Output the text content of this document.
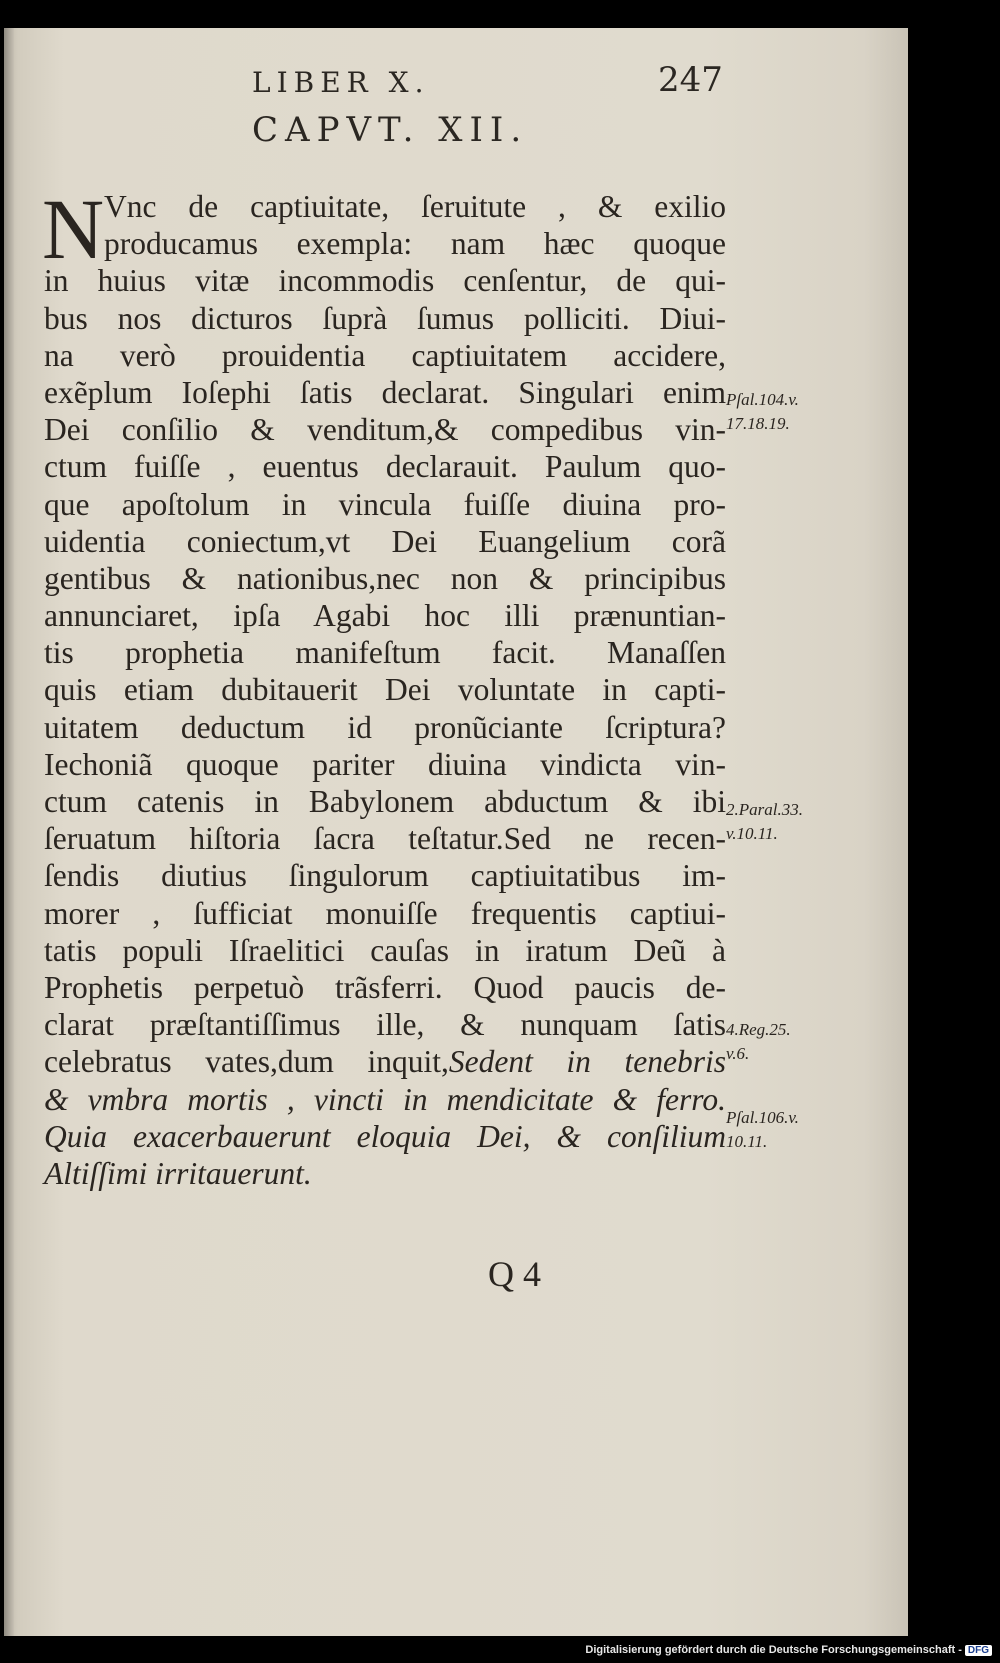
LIBER X.	247
CAPVT. XII.
N Vnc de captiuitate, ſeruitute , & exilio
producamus exempla: nam hæc quoque
in huius vitæ incommodis cenſentur, de qui-
bus nos dicturos ſuprà ſumus polliciti. Diui-
na verò prouidentia captiuitatem accidere,
exẽplum Ioſephi ſatis declarat. Singulari enim
Dei conſilio & venditum,& compedibus vin-
ctum fuiſſe , euentus declarauit. Paulum quo-
que apoſtolum in vincula fuiſſe diuina pro-
uidentia coniectum,vt Dei Euangelium corã
gentibus & nationibus,nec non & principibus
annunciaret, ipſa Agabi hoc illi prænuntian-
tis prophetia manifeſtum facit. Manaſſen
quis etiam dubitauerit Dei voluntate in capti-
uitatem deductum id pronũciante ſcriptura?
Iechoniã quoque pariter diuina vindicta vin-
ctum catenis in Babylonem abductum & ibi
ſeruatum hiſtoria ſacra teſtatur.Sed ne recen-
ſendis diutius ſingulorum captiuitatibus im-
morer , ſufficiat monuiſſe frequentis captiui-
tatis populi Iſraelitici cauſas in iratum Deũ à
Prophetis perpetuò trãsferri. Quod paucis de-
clarat præſtantiſſimus ille, & nunquam ſatis
celebratus vates,dum inquit,Sedent in tenebris
& vmbra mortis , vincti in mendicitate & ferro.
Quia exacerbauerunt eloquia Dei, & conſilium
Altiſſimi irritauerunt.
Pſal.104.v.
17.18.19.
2.Paral.33.
v.10.11.
4.Reg.25.
v.6.
Pſal.106.v.
10.11.
Q 4
Digitalisierung gefördert durch die Deutsche Forschungsgemeinschaft - DFG
